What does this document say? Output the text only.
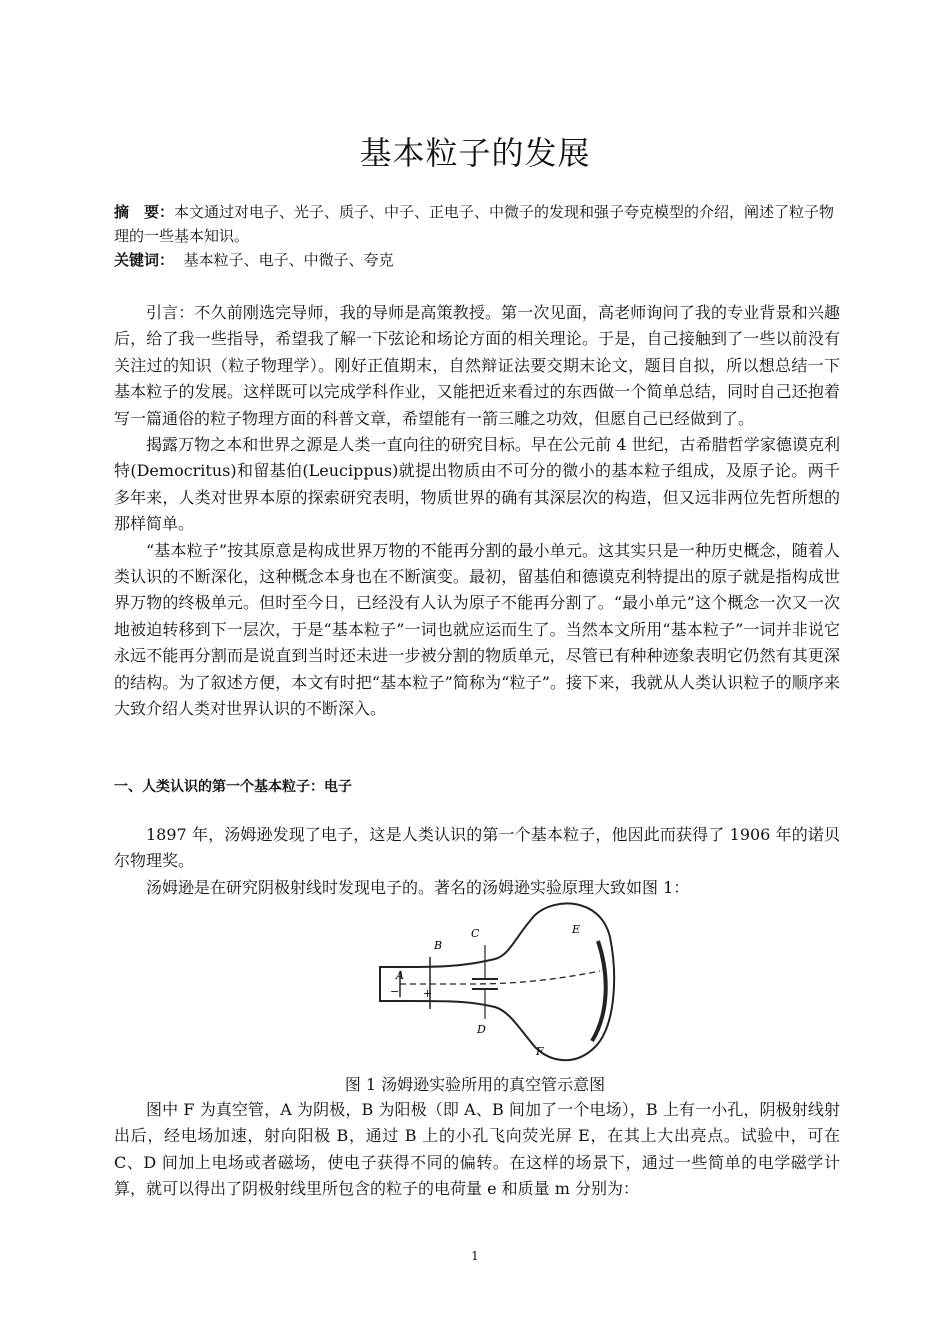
基本粒子的发展
摘　要：本文通过对电子、光子、质子、中子、正电子、中微子的发现和强子夸克模型的介绍，阐述了粒子物理的一些基本知识。
关键词： 基本粒子、电子、中微子、夸克

引言：不久前刚选完导师，我的导师是高策教授。第一次见面，高老师询问了我的专业背景和兴趣后，给了我一些指导，希望我了解一下弦论和场论方面的相关理论。于是，自己接触到了一些以前没有关注过的知识（粒子物理学）。刚好正值期末，自然辩证法要交期末论文，题目自拟，所以想总结一下基本粒子的发展。这样既可以完成学科作业，又能把近来看过的东西做一个简单总结，同时自己还抱着写一篇通俗的粒子物理方面的科普文章，希望能有一箭三雕之功效，但愿自己已经做到了。

揭露万物之本和世界之源是人类一直向往的研究目标。早在公元前 4 世纪，古希腊哲学家德谟克利特(Democritus)和留基伯(Leucippus)就提出物质由不可分的微小的基本粒子组成，及原子论。两千多年来，人类对世界本原的探索研究表明，物质世界的确有其深层次的构造，但又远非两位先哲所想的那样简单。

“基本粒子”按其原意是构成世界万物的不能再分割的最小单元。这其实只是一种历史概念，随着人类认识的不断深化，这种概念本身也在不断演变。最初，留基伯和德谟克利特提出的原子就是指构成世界万物的终极单元。但时至今日，已经没有人认为原子不能再分割了。“最小单元”这个概念一次又一次地被迫转移到下一层次，于是“基本粒子”一词也就应运而生了。当然本文所用“基本粒子”一词并非说它永远不能再分割而是说直到当时还未进一步被分割的物质单元，尽管已有种种迹象表明它仍然有其更深的结构。为了叙述方便，本文有时把“基本粒子”简称为“粒子”。接下来，我就从人类认识粒子的顺序来大致介绍人类对世界认识的不断深入。

一、人类认识的第一个基本粒子：电子

1897 年，汤姆逊发现了电子，这是人类认识的第一个基本粒子，他因此而获得了 1906 年的诺贝尔物理奖。

汤姆逊是在研究阴极射线时发现电子的。著名的汤姆逊实验原理大致如图 1：

A
B
C
D
E
F
− +
图 1 汤姆逊实验所用的真空管示意图

图中 F 为真空管，A 为阴极，B 为阳极（即 A、B 间加了一个电场），B 上有一小孔，阴极射线射出后，经电场加速，射向阳极 B，通过 B 上的小孔飞向荧光屏 E，在其上大出亮点。试验中，可在 C、D 间加上电场或者磁场，使电子获得不同的偏转。在这样的场景下，通过一些简单的电学磁学计算，就可以得出了阴极射线里所包含的粒子的电荷量 e 和质量 m 分别为：

1
